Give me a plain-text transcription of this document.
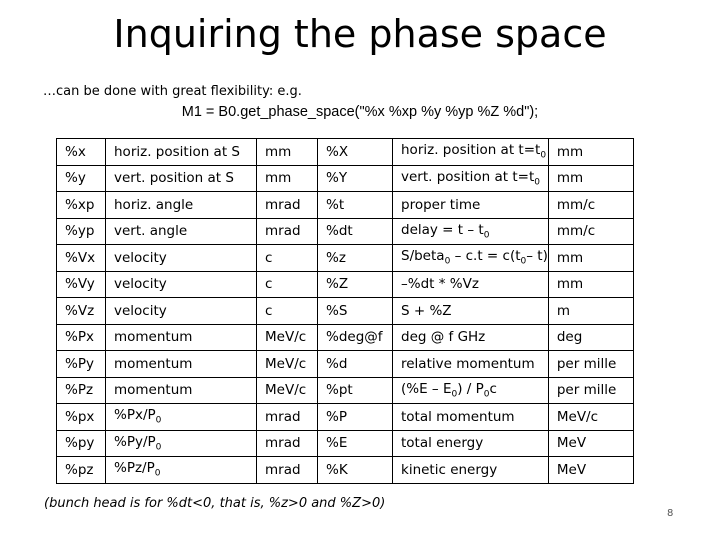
Inquiring the phase space
…can be done with great flexibility: e.g.
M1 = B0.get_phase_space("%x %xp %y %yp %Z %d");
%x	horiz. position at S	mm	%X	horiz. position at $t=t_0$	mm
%y	vert. position at S	mm	%Y	vert. position at $t=t_0$	mm
%xp	horiz. angle	mrad	%t	proper time	mm/c
%yp	vert. angle	mrad	%dt	delay = t – $t_0$	mm/c
%Vx	velocity	c	%z	S/beta$_0$ – $c.t = c(t_0-$ t)	mm
%Vy	velocity	c	%Z	–%dt * %Vz	mm
%Vz	velocity	c	%S	S + %Z	m
%Px	momentum	MeV/c	%deg@f	deg @ f GHz	deg
%Py	momentum	MeV/c	%d	relative momentum	per mille
%Pz	momentum	MeV/c	%pt	$(\%E - E_0) / P_0c$	per mille
%px	$\%Px/P_0$	mrad	%P	total momentum	MeV/c
%py	$\%Py/P_0$	mrad	%E	total energy	MeV
%pz	$\%Pz/P_0$	mrad	%K	kinetic energy	MeV
(bunch head is for %dt<0, that is, %z>0 and %Z>0)
8
